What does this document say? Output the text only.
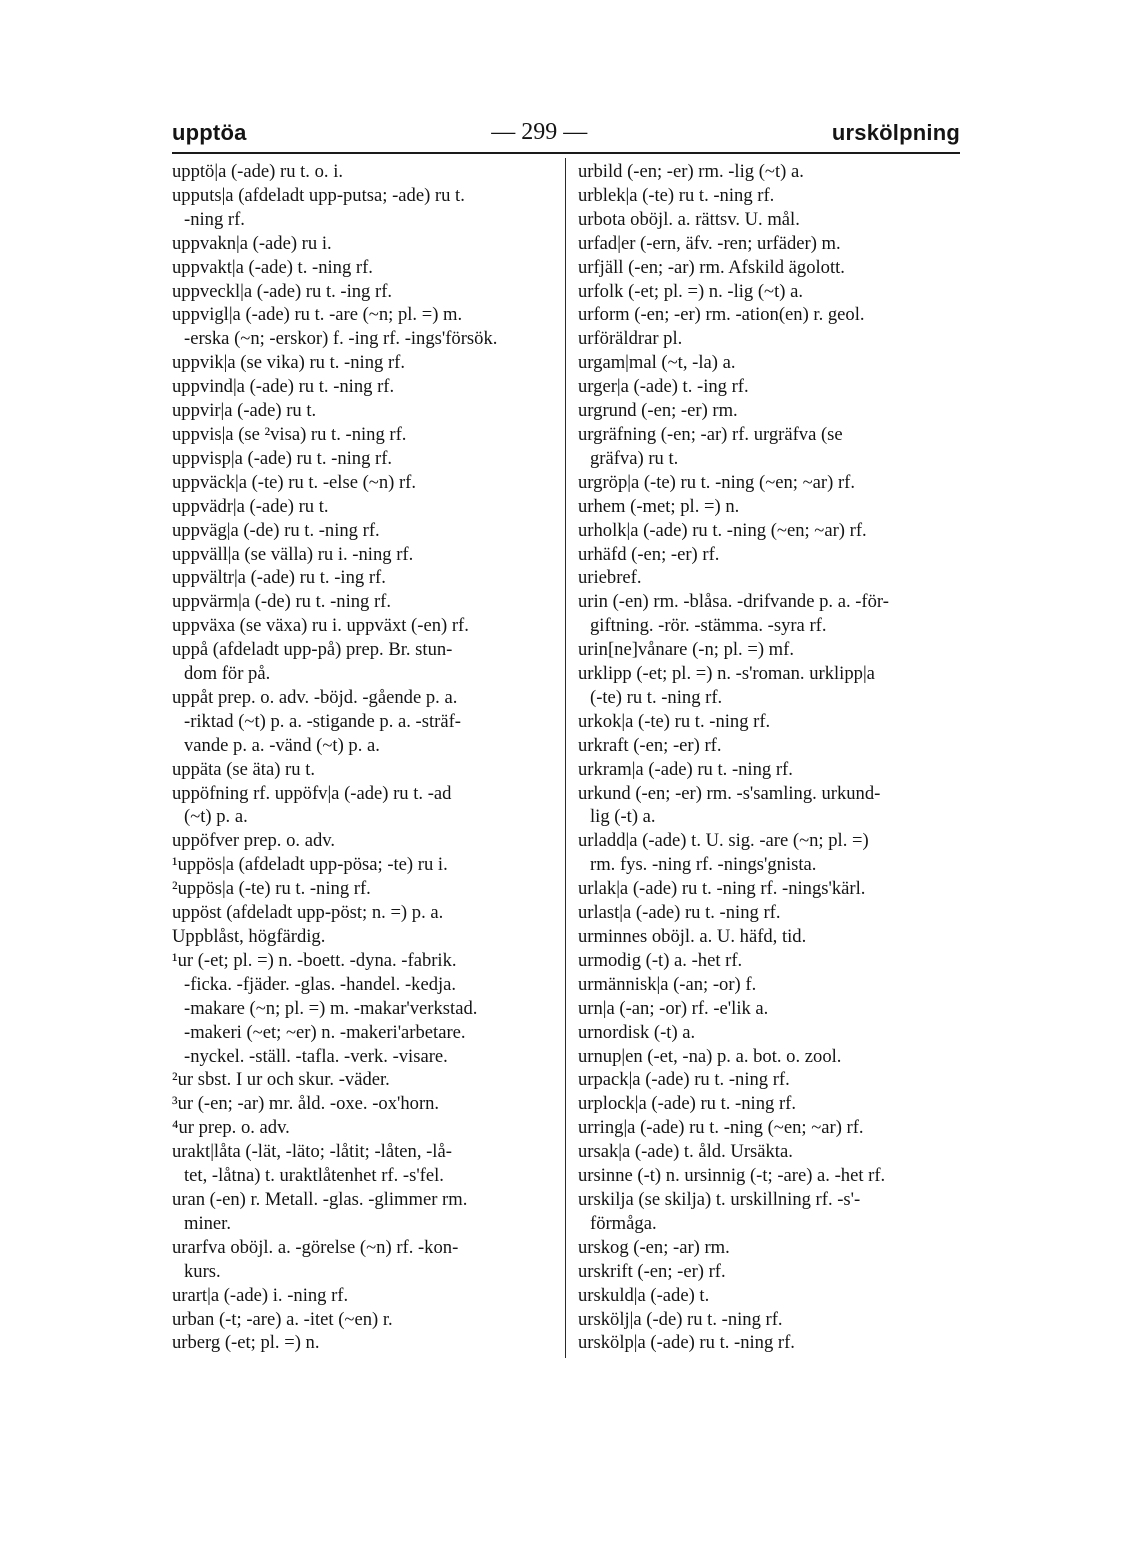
upptöa	— 299 —	urskölpning
upptö|a (-ade) ru t. o. i.
upputs|a (afdeladt upp-putsa; -ade) ru t.
-ning rf.
uppvakn|a (-ade) ru i.
uppvakt|a (-ade) t. -ning rf.
uppveckl|a (-ade) ru t. -ing rf.
uppvigl|a (-ade) ru t. -are (~n; pl. =) m.
-erska (~n; -erskor) f. -ing rf. -ings'försök.
uppvik|a (se vika) ru t. -ning rf.
uppvind|a (-ade) ru t. -ning rf.
uppvir|a (-ade) ru t.
uppvis|a (se ²visa) ru t. -ning rf.
uppvisp|a (-ade) ru t. -ning rf.
uppväck|a (-te) ru t. -else (~n) rf.
uppvädr|a (-ade) ru t.
uppväg|a (-de) ru t. -ning rf.
uppväll|a (se välla) ru i. -ning rf.
uppvältr|a (-ade) ru t. -ing rf.
uppvärm|a (-de) ru t. -ning rf.
uppväxa (se växa) ru i. uppväxt (-en) rf.
uppå (afdeladt upp-på) prep. Br. stun-
dom för på.
uppåt prep. o. adv. -böjd. -gående p. a.
-riktad (~t) p. a. -stigande p. a. -sträf-
vande p. a. -vänd (~t) p. a.
uppäta (se äta) ru t.
uppöfning rf. uppöfv|a (-ade) ru t. -ad
(~t) p. a.
uppöfver prep. o. adv.
¹uppös|a (afdeladt upp-pösa; -te) ru i.
²uppös|a (-te) ru t. -ning rf.
uppöst (afdeladt upp-pöst; n. =) p. a.
Uppblåst, högfärdig.
¹ur (-et; pl. =) n. -boett. -dyna. -fabrik.
-ficka. -fjäder. -glas. -handel. -kedja.
-makare (~n; pl. =) m. -makar'verkstad.
-makeri (~et; ~er) n. -makeri'arbetare.
-nyckel. -ställ. -tafla. -verk. -visare.
²ur sbst. I ur och skur. -väder.
³ur (-en; -ar) mr. åld. -oxe. -ox'horn.
⁴ur prep. o. adv.
urakt|låta (-lät, -läto; -låtit; -låten, -lå-
tet, -låtna) t. uraktlåtenhet rf. -s'fel.
uran (-en) r. Metall. -glas. -glimmer rm.
miner.
urarfva oböjl. a. -görelse (~n) rf. -kon-
kurs.
urart|a (-ade) i. -ning rf.
urban (-t; -are) a. -itet (~en) r.
urberg (-et; pl. =) n.
urbild (-en; -er) rm. -lig (~t) a.
urblek|a (-te) ru t. -ning rf.
urbota oböjl. a. rättsv. U. mål.
urfad|er (-ern, äfv. -ren; urfäder) m.
urfjäll (-en; -ar) rm. Afskild ägolott.
urfolk (-et; pl. =) n. -lig (~t) a.
urform (-en; -er) rm. -ation(en) r. geol.
urföräldrar pl.
urgam|mal (~t, -la) a.
urger|a (-ade) t. -ing rf.
urgrund (-en; -er) rm.
urgräfning (-en; -ar) rf. urgräfva (se
gräfva) ru t.
urgröp|a (-te) ru t. -ning (~en; ~ar) rf.
urhem (-met; pl. =) n.
urholk|a (-ade) ru t. -ning (~en; ~ar) rf.
urhäfd (-en; -er) rf.
uriebref.
urin (-en) rm. -blåsa. -drifvande p. a. -för-
giftning. -rör. -stämma. -syra rf.
urin[ne]vånare (-n; pl. =) mf.
urklipp (-et; pl. =) n. -s'roman. urklipp|a
(-te) ru t. -ning rf.
urkok|a (-te) ru t. -ning rf.
urkraft (-en; -er) rf.
urkram|a (-ade) ru t. -ning rf.
urkund (-en; -er) rm. -s'samling. urkund-
lig (-t) a.
urladd|a (-ade) t. U. sig. -are (~n; pl. =)
rm. fys. -ning rf. -nings'gnista.
urlak|a (-ade) ru t. -ning rf. -nings'kärl.
urlast|a (-ade) ru t. -ning rf.
urminnes oböjl. a. U. häfd, tid.
urmodig (-t) a. -het rf.
urmännisk|a (-an; -or) f.
urn|a (-an; -or) rf. -e'lik a.
urnordisk (-t) a.
urnup|en (-et, -na) p. a. bot. o. zool.
urpack|a (-ade) ru t. -ning rf.
urplock|a (-ade) ru t. -ning rf.
urring|a (-ade) ru t. -ning (~en; ~ar) rf.
ursak|a (-ade) t. åld. Ursäkta.
ursinne (-t) n. ursinnig (-t; -are) a. -het rf.
urskilja (se skilja) t. urskillning rf. -s'-
förmåga.
urskog (-en; -ar) rm.
urskrift (-en; -er) rf.
urskuld|a (-ade) t.
urskölj|a (-de) ru t. -ning rf.
urskölp|a (-ade) ru t. -ning rf.
